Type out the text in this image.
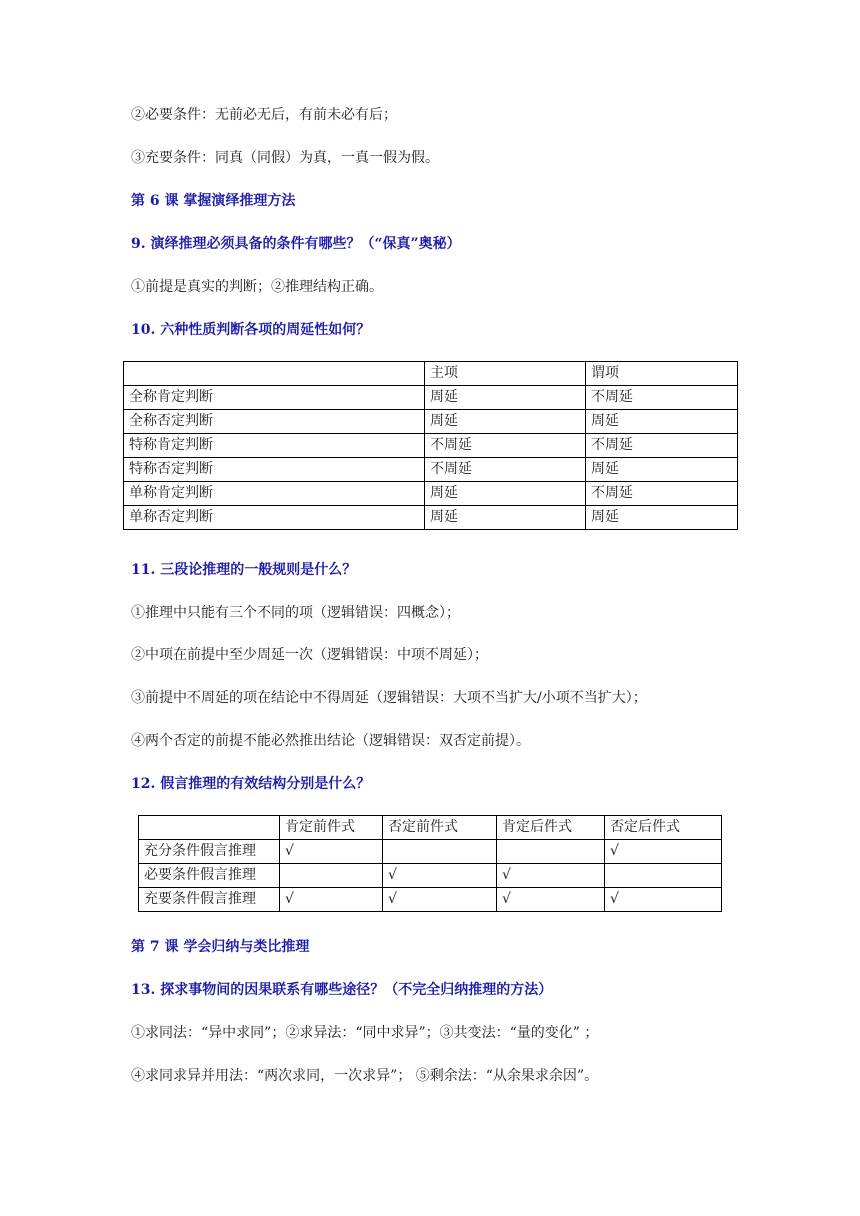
②必要条件：无前必无后，有前未必有后；
③充要条件：同真（同假）为真，一真一假为假。
第 6 课 掌握演绎推理方法
9. 演绎推理必须具备的条件有哪些？（“保真”奥秘）
①前提是真实的判断；②推理结构正确。
10. 六种性质判断各项的周延性如何？
	主项	谓项
全称肯定判断	周延	不周延
全称否定判断	周延	周延
特称肯定判断	不周延	不周延
特称否定判断	不周延	周延
单称肯定判断	周延	不周延
单称否定判断	周延	周延
11. 三段论推理的一般规则是什么？
①推理中只能有三个不同的项（逻辑错误：四概念）；
②中项在前提中至少周延一次（逻辑错误：中项不周延）；
③前提中不周延的项在结论中不得周延（逻辑错误：大项不当扩大/小项不当扩大）；
④两个否定的前提不能必然推出结论（逻辑错误：双否定前提）。
12. 假言推理的有效结构分别是什么？
	肯定前件式	否定前件式	肯定后件式	否定后件式
充分条件假言推理	√			√
必要条件假言推理		√	√	
充要条件假言推理	√	√	√	√
第 7 课 学会归纳与类比推理
13. 探求事物间的因果联系有哪些途径？（不完全归纳推理的方法）
①求同法：“异中求同”；②求异法：“同中求异”；③共变法：“量的变化” ；
④求同求异并用法：“两次求同，一次求异”； ⑤剩余法：“从余果求余因”。
